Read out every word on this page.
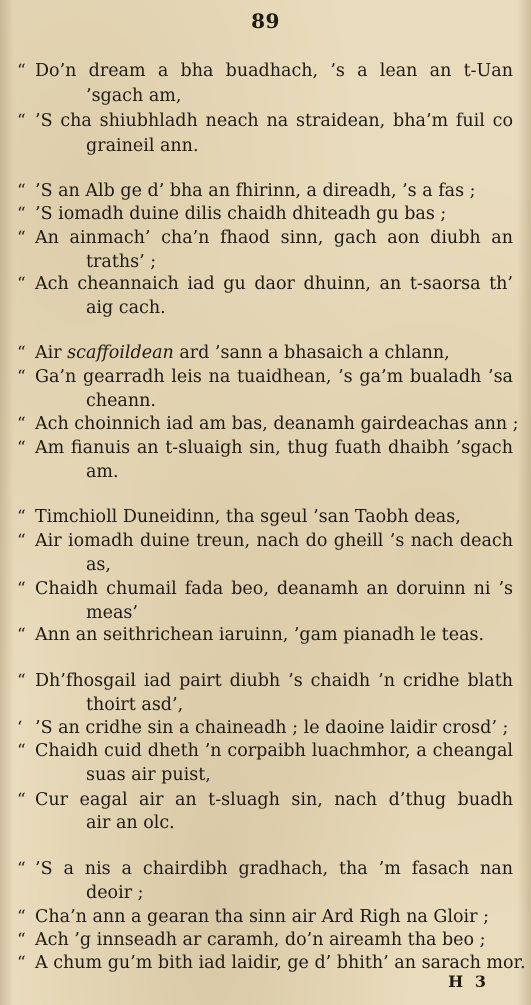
89
“ Do’n dream a bha buadhach, ’s a lean an t-Uan
’sgach am,
“ ’S cha shiubhladh neach na straidean, bha’m fuil co
graineil ann.
“ ’S an Alb ge d’ bha an fhirinn, a direadh, ’s a fas ;
“ ’S iomadh duine dilis chaidh dhiteadh gu bas ;
“ An ainmach’ cha’n fhaod sinn, gach aon diubh an
traths’ ;
“ Ach cheannaich iad gu daor dhuinn, an t-saorsa th’
aig cach.
“ Air scaffoildean ard ’sann a bhasaich a chlann,
“ Ga’n gearradh leis na tuaidhean, ’s ga’m bualadh ’sa
cheann.
“ Ach choinnich iad am bas, deanamh gairdeachas ann ;
“ Am fianuis an t-sluaigh sin, thug fuath dhaibh ’sgach
am.
“ Timchioll Duneidinn, tha sgeul ’san Taobh deas,
“ Air iomadh duine treun, nach do gheill ’s nach deach
as,
“ Chaidh chumail fada beo, deanamh an doruinn ni ’s
meas’
“ Ann an seithrichean iaruinn, ’gam pianadh le teas.
“ Dh’fhosgail iad pairt diubh ’s chaidh ’n cridhe blath
thoirt asd’,
‘ ’S an cridhe sin a chaineadh ; le daoine laidir crosd’ ;
“ Chaidh cuid dheth ’n corpaibh luachmhor, a cheangal
suas air puist,
“ Cur eagal air an t-sluagh sin, nach d’thug buadh
air an olc.
“ ’S a nis a chairdibh gradhach, tha ’m fasach nan
deoir ;
“ Cha’n ann a gearan tha sinn air Ard Righ na Gloir ;
“ Ach ’g innseadh ar caramh, do’n aireamh tha beo ;
“ A chum gu’m bith iad laidir, ge d’ bhith’ an sarach mor.
H 3
